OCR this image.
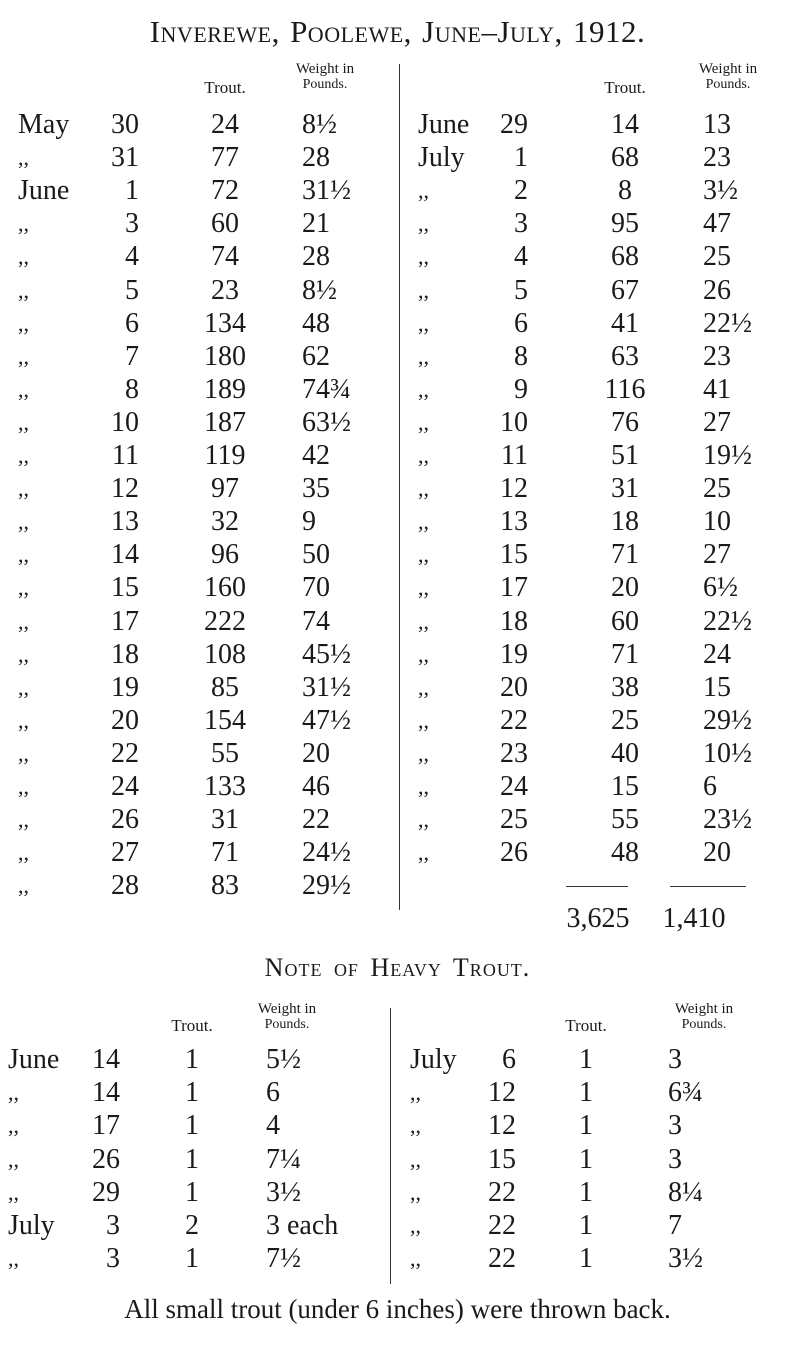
Inverewe, Poolewe, June–July, 1912.
Trout.
Weight in
Pounds.	Trout.
Weight in
Pounds.
May	30	24	8½
,,	31	77	28
June	1	72	31½
,,	3	60	21
,,	4	74	28
,,	5	23	8½
,,	6	134	48
,,	7	180	62
,,	8	189	74¾
,,	10	187	63½
,,	11	119	42
,,	12	97	35
,,	13	32	9
,,	14	96	50
,,	15	160	70
,,	17	222	74
,,	18	108	45½
,,	19	85	31½
,,	20	154	47½
,,	22	55	20
,,	24	133	46
,,	26	31	22
,,	27	71	24½
,,	28	83	29½
June	29	14	13
July	1	68	23
,,	2	8	3½
,,	3	95	47
,,	4	68	25
,,	5	67	26
,,	6	41	22½
,,	8	63	23
,,	9	116	41
,,	10	76	27
,,	11	51	19½
,,	12	31	25
,,	13	18	10
,,	15	71	27
,,	17	20	6½
,,	18	60	22½
,,	19	71	24
,,	20	38	15
,,	22	25	29½
,,	23	40	10½
,,	24	15	6
,,	25	55	23½
,,	26	48	20
3,625	1,410
Note of Heavy Trout.
Trout.
Weight in
Pounds.	Trout.
Weight in
Pounds.
June	14	1	5½
,,	14	1	6
,,	17	1	4
,,	26	1	7¼
,,	29	1	3½
July	3	2	3 each
,,	3	1	7½
July	6	1	3
,,	12	1	6¾
,,	12	1	3
,,	15	1	3
,,	22	1	8¼
,,	22	1	7
,,	22	1	3½
All small trout (under 6 inches) were thrown back.
